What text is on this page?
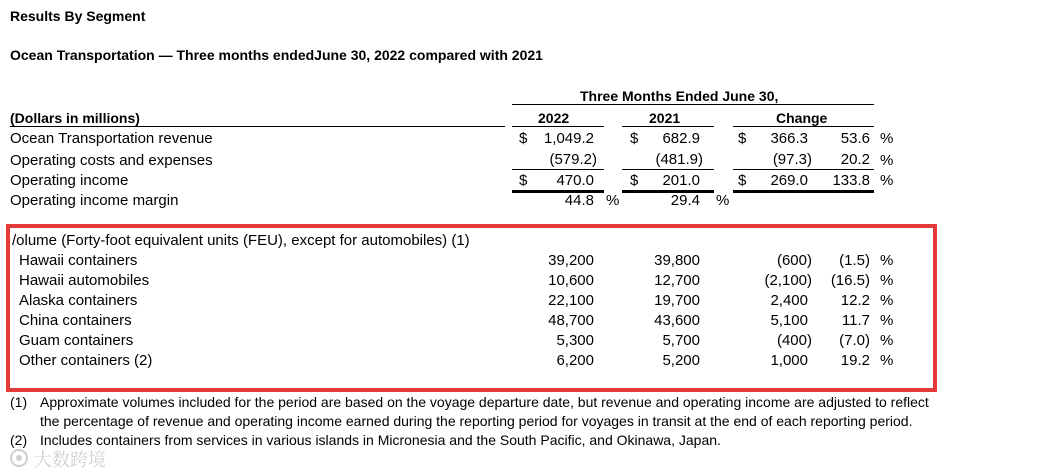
Results By Segment
Ocean Transportation — Three months endedJune 30, 2022 compared with 2021
Three Months Ended June 30,
(Dollars in millions)	2022	2021	Change
Ocean Transportation revenue	$	1,049.2 $	682.9	$	366.3	53.6 %
Operating costs and expenses	(579.2)	(481.9)	(97.3)	20.2 %
Operating income	$	470.0 $	201.0	$	269.0	133.8 %
Operating income margin	44.8 %	29.4 %
/olume (Forty-foot equivalent units (FEU), except for automobiles) (1)
Hawaii containers	39,200	39,800	(600)	(1.5) %
Hawaii automobiles	10,600	12,700	(2,100)	(16.5) %
Alaska containers	22,100	19,700	2,400	12.2 %
China containers	48,700	43,600	5,100	11.7 %
Guam containers	5,300	5,700	(400)	(7.0) %
Other containers (2)	6,200	5,200	1,000	19.2 %
(1) Approximate volumes included for the period are based on the voyage departure date, but revenue and operating income are adjusted to reflect
the percentage of revenue and operating income earned during the reporting period for voyages in transit at the end of each reporting period.
(2) Includes containers from services in various islands in Micronesia and the South Pacific, and Okinawa, Japan.
大数跨境
